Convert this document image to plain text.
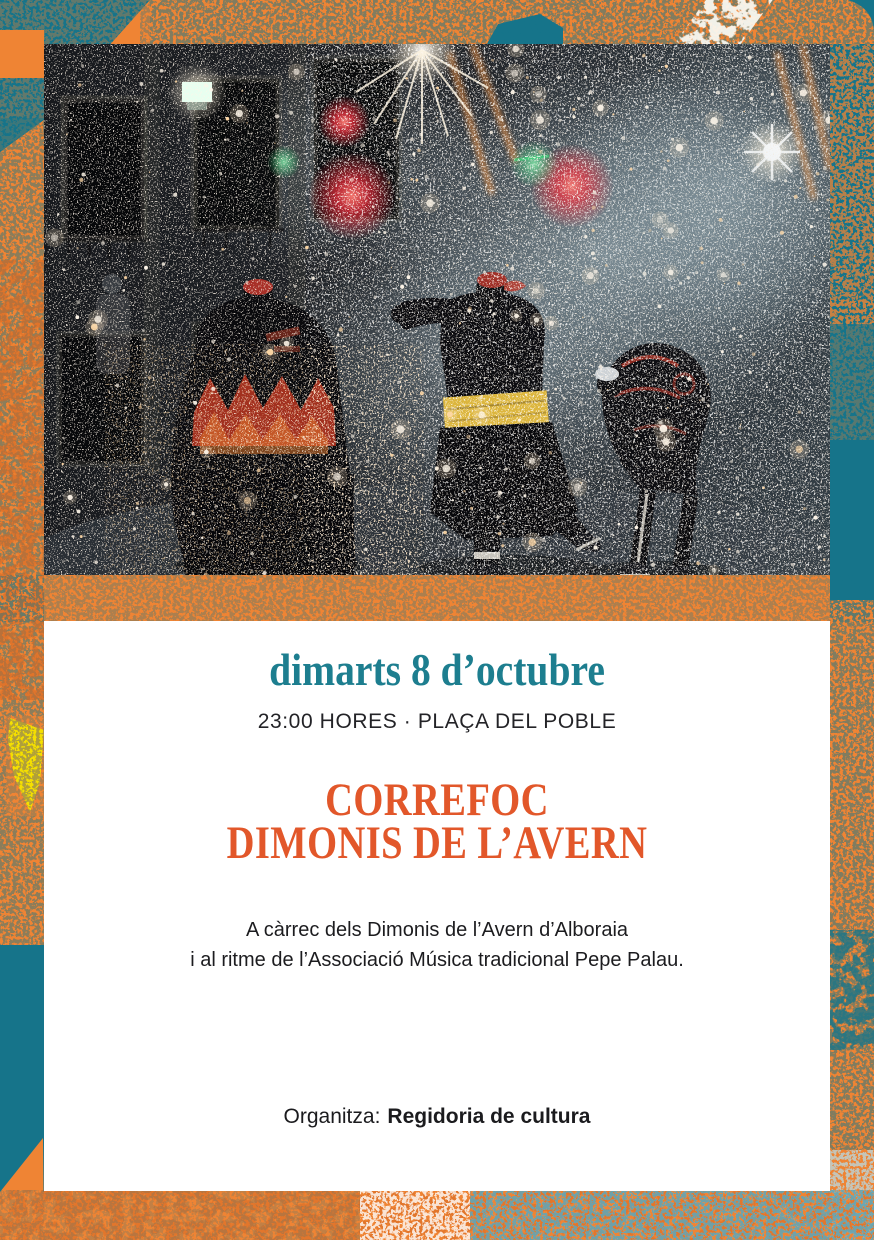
dimarts 8 d’octubre
23:00 HORES · PLAÇA DEL POBLE
CORREFOC
DIMONIS DE L’AVERN

A càrrec dels Dimonis de l’Avern d’Alboraia
i al ritme de l’Associació Música tradicional Pepe Palau.

Organitza: Regidoria de cultura
